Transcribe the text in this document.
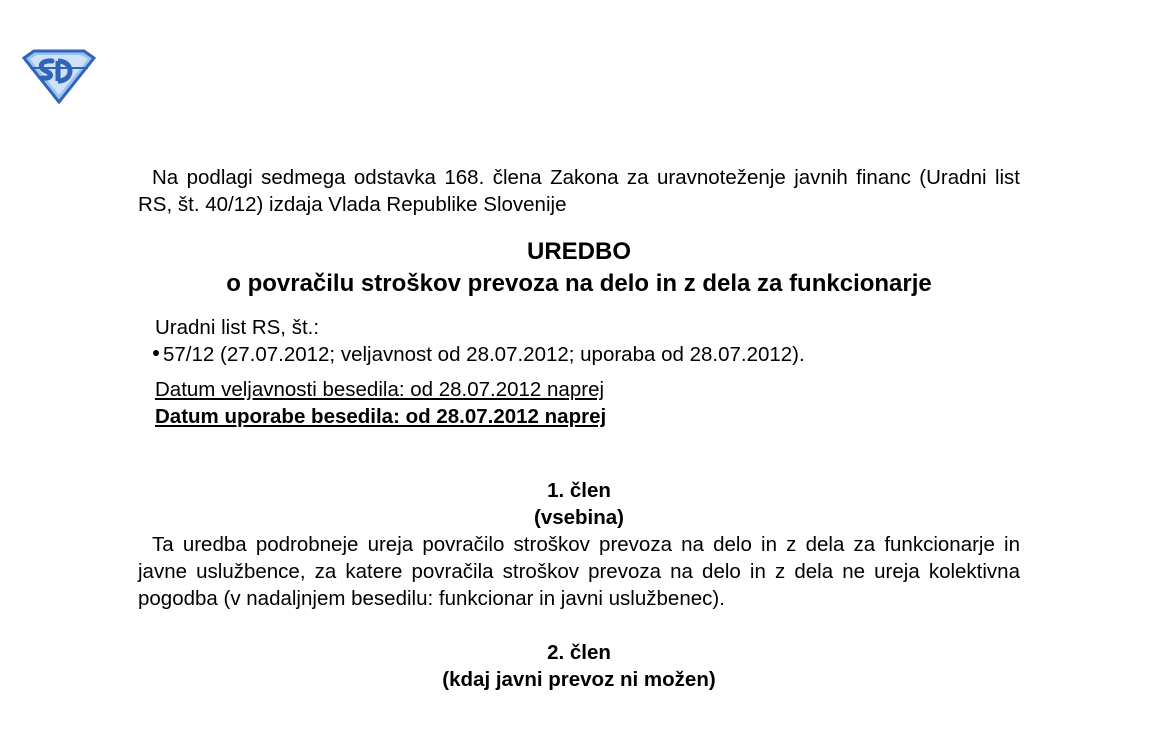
Na podlagi sedmega odstavka 168. člena Zakona za uravnoteženje javnih financ (Uradni list RS, št. 40/12) izdaja Vlada Republike Slovenije

UREDBO
o povračilu stroškov prevoza na delo in z dela za funkcionarje

Uradni list RS, št.:

57/12 (27.07.2012; veljavnost od 28.07.2012; uporaba od 28.07.2012).
Datum veljavnosti besedila: od 28.07.2012 naprej
Datum uporabe besedila: od 28.07.2012 naprej

1. člen

(vsebina)

Ta uredba podrobneje ureja povračilo stroškov prevoza na delo in z dela za funkcionarje in javne uslužbence, za katere povračila stroškov prevoza na delo in z dela ne ureja kolektivna pogodba (v nadaljnjem besedilu: funkcionar in javni uslužbenec).

2. člen

(kdaj javni prevoz ni možen)
